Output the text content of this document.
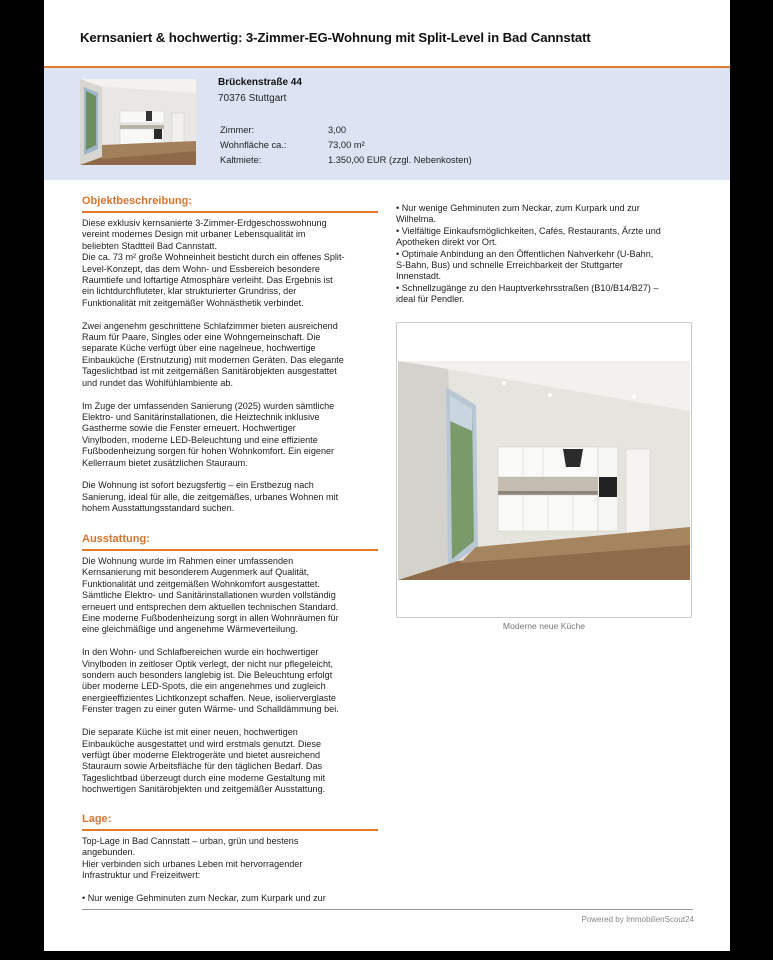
Kernsaniert & hochwertig: 3-Zimmer-EG-Wohnung mit Split-Level in Bad Cannstatt
Brückenstraße 44
70376 Stuttgart
Zimmer:	3,00
Wohnfläche ca.:	73,00 m²
Kaltmiete:	1.350,00 EUR (zzgl. Nebenkosten)
Objektbeschreibung:
Diese exklusiv kernsanierte 3-Zimmer-Erdgeschosswohnung
vereint modernes Design mit urbaner Lebensqualität im
beliebten Stadtteil Bad Cannstatt.
Die ca. 73 m² große Wohneinheit besticht durch ein offenes Split-
Level-Konzept, das dem Wohn- und Essbereich besondere
Raumtiefe und loftartige Atmosphäre verleiht. Das Ergebnis ist
ein lichtdurchfluteter, klar strukturierter Grundriss, der
Funktionalität mit zeitgemäßer Wohnästhetik verbindet.

Zwei angenehm geschnittene Schlafzimmer bieten ausreichend
Raum für Paare, Singles oder eine Wohngemeinschaft. Die
separate Küche verfügt über eine nagelneue, hochwertige
Einbauküche (Erstnutzung) mit modernen Geräten. Das elegante
Tageslichtbad ist mit zeitgemäßen Sanitärobjekten ausgestattet
und rundet das Wohlfühlambiente ab.

Im Zuge der umfassenden Sanierung (2025) wurden sämtliche
Elektro- und Sanitärinstallationen, die Heiztechnik inklusive
Gastherme sowie die Fenster erneuert. Hochwertiger
Vinylboden, moderne LED-Beleuchtung und eine effiziente
Fußbodenheizung sorgen für hohen Wohnkomfort. Ein eigener
Kellerraum bietet zusätzlichen Stauraum.

Die Wohnung ist sofort bezugsfertig – ein Erstbezug nach
Sanierung, ideal für alle, die zeitgemäßes, urbanes Wohnen mit
hohem Ausstattungsstandard suchen.
Ausstattung:
Die Wohnung wurde im Rahmen einer umfassenden
Kernsanierung mit besonderem Augenmerk auf Qualität,
Funktionalität und zeitgemäßen Wohnkomfort ausgestattet.
Sämtliche Elektro- und Sanitärinstallationen wurden vollständig
erneuert und entsprechen dem aktuellen technischen Standard.
Eine moderne Fußbodenheizung sorgt in allen Wohnräumen für
eine gleichmäßige und angenehme Wärmeverteilung.

In den Wohn- und Schlafbereichen wurde ein hochwertiger
Vinylboden in zeitloser Optik verlegt, der nicht nur pflegeleicht,
sondern auch besonders langlebig ist. Die Beleuchtung erfolgt
über moderne LED-Spots, die ein angenehmes und zugleich
energieeffizientes Lichtkonzept schaffen. Neue, isolierverglaste
Fenster tragen zu einer guten Wärme- und Schalldämmung bei.

Die separate Küche ist mit einer neuen, hochwertigen
Einbauküche ausgestattet und wird erstmals genutzt. Diese
verfügt über moderne Elektrogeräte und bietet ausreichend
Stauraum sowie Arbeitsfläche für den täglichen Bedarf. Das
Tageslichtbad überzeugt durch eine moderne Gestaltung mit
hochwertigen Sanitärobjekten und zeitgemäßer Ausstattung.
Lage:
Top-Lage in Bad Cannstatt – urban, grün und bestens
angebunden.
Hier verbinden sich urbanes Leben mit hervorragender
Infrastruktur und Freizeitwert:

• Nur wenige Gehminuten zum Neckar, zum Kurpark und zur
• Nur wenige Gehminuten zum Neckar, zum Kurpark und zur
Wilhelma.
• Vielfältige Einkaufsmöglichkeiten, Cafés, Restaurants, Ärzte und
Apotheken direkt vor Ort.
• Optimale Anbindung an den Öffentlichen Nahverkehr (U-Bahn,
S-Bahn, Bus) und schnelle Erreichbarkeit der Stuttgarter
Innenstadt.
• Schnellzugänge zu den Hauptverkehrsstraßen (B10/B14/B27) –
ideal für Pendler.
Moderne neue Küche
Powered by ImmobilienScout24
